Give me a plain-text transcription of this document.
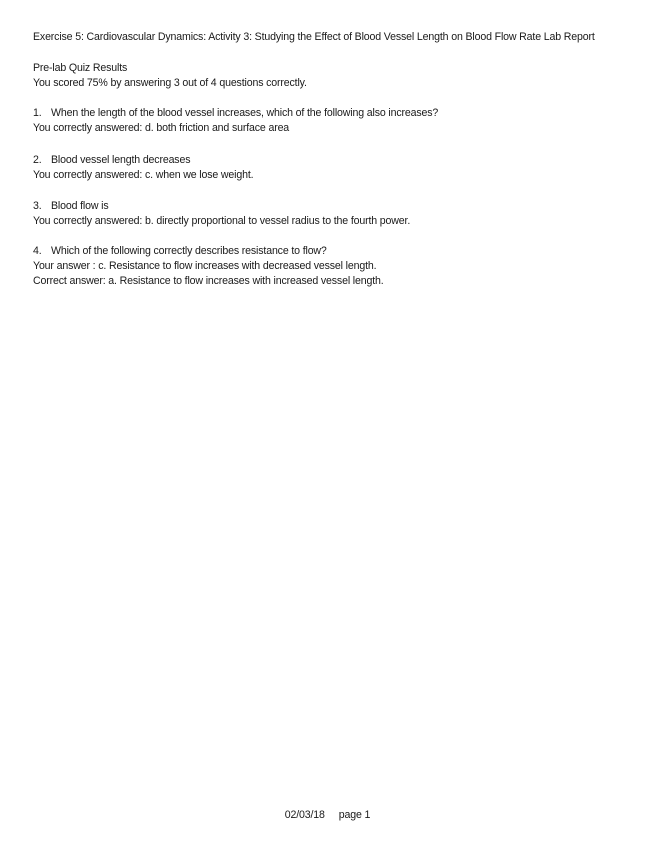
Exercise 5: Cardiovascular Dynamics: Activity 3: Studying the Effect of Blood Vessel Length on Blood Flow Rate Lab Report
Pre-lab Quiz Results
You scored 75% by answering 3 out of 4 questions correctly.
1. When the length of the blood vessel increases, which of the following also increases?
You correctly answered: d. both friction and surface area
2. Blood vessel length decreases
You correctly answered: c. when we lose weight.
3. Blood flow is
You correctly answered: b. directly proportional to vessel radius to the fourth power.
4. Which of the following correctly describes resistance to flow?
Your answer : c. Resistance to flow increases with decreased vessel length.
Correct answer: a. Resistance to flow increases with increased vessel length.
02/03/18 page 1
